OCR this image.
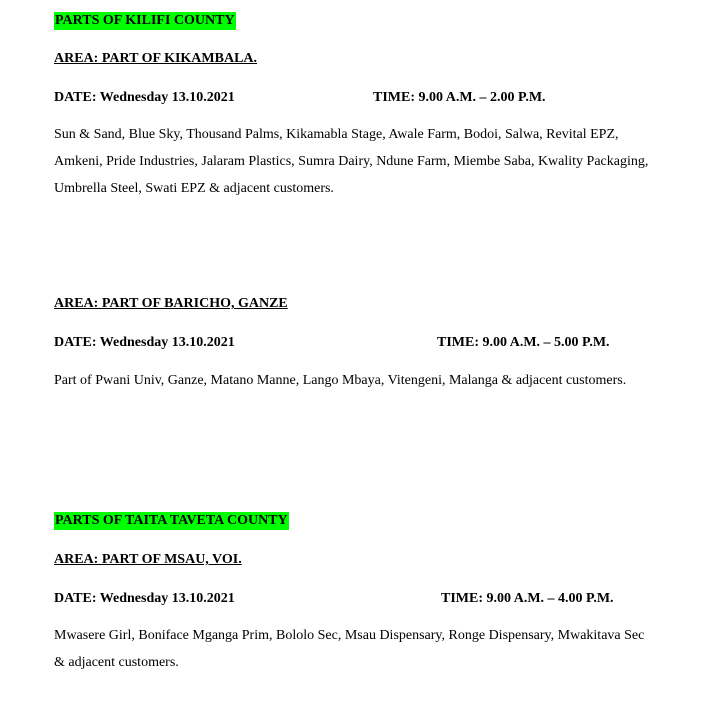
PARTS OF KILIFI COUNTY
AREA: PART OF KIKAMBALA.
DATE: Wednesday 13.10.2021	TIME: 9.00 A.M. – 2.00 P.M.
Sun & Sand, Blue Sky, Thousand Palms, Kikamabla Stage, Awale Farm, Bodoi, Salwa, Revital EPZ, Amkeni, Pride Industries, Jalaram Plastics, Sumra Dairy, Ndune Farm, Miembe Saba, Kwality Packaging, Umbrella Steel, Swati EPZ & adjacent customers.
AREA: PART OF BARICHO, GANZE
DATE: Wednesday 13.10.2021	TIME: 9.00 A.M. – 5.00 P.M.
Part of Pwani Univ, Ganze, Matano Manne, Lango Mbaya, Vitengeni, Malanga & adjacent customers.
PARTS OF TAITA TAVETA COUNTY
AREA: PART OF MSAU, VOI.
DATE: Wednesday 13.10.2021	TIME: 9.00 A.M. – 4.00 P.M.
Mwasere Girl, Boniface Mganga Prim, Bololo Sec, Msau Dispensary, Ronge Dispensary, Mwakitava Sec & adjacent customers.
